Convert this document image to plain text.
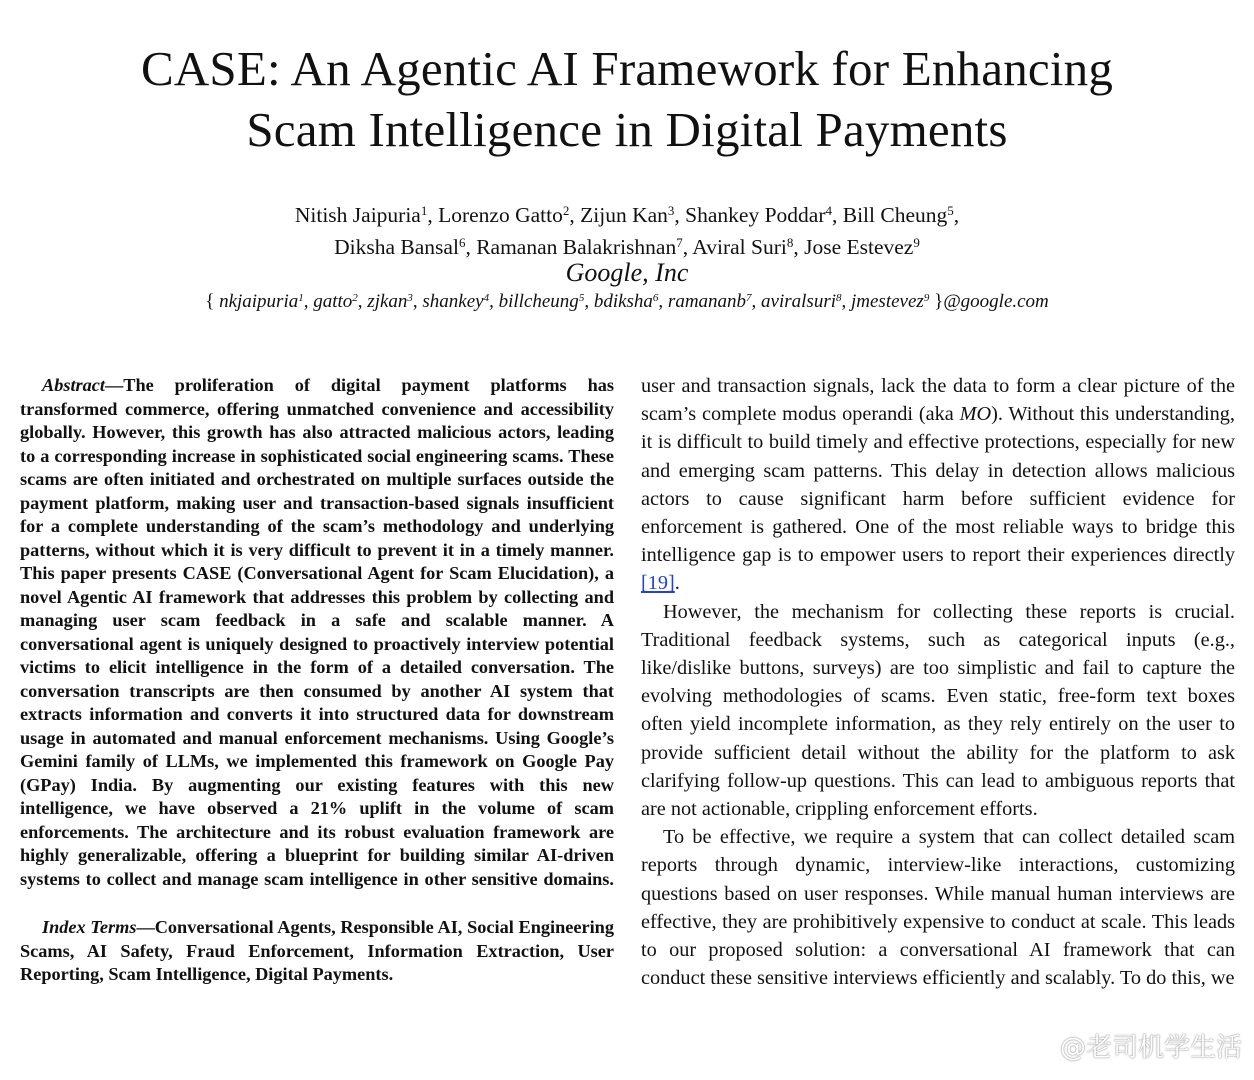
CASE: An Agentic AI Framework for Enhancing
Scam Intelligence in Digital Payments
Nitish Jaipuria$^1$, Lorenzo Gatto$^2$, Zijun Kan$^3$, Shankey Poddar$^4$, Bill Cheung$^5$,
Diksha Bansal$^6$, Ramanan Balakrishnan$^7$, Aviral Suri$^8$, Jose Estevez$^9$
Google, Inc
{ nkjaipuria$^1$, gatto$^2$, zjkan$^3$, shankey$^4$, billcheung$^5$, bdiksha$^6$, ramananb$^7$, aviralsuri$^8$, jmestevez$^9$ }@google.com

Abstract—The proliferation of digital payment platforms has transformed commerce, offering unmatched convenience and accessibility globally. However, this growth has also attracted malicious actors, leading to a corresponding increase in sophisticated social engineering scams. These scams are often initiated and orchestrated on multiple surfaces outside the payment platform, making user and transaction-based signals insufficient for a complete understanding of the scam’s methodology and underlying patterns, without which it is very difficult to prevent it in a timely manner. This paper presents CASE (Conversational Agent for Scam Elucidation), a novel Agentic AI framework that addresses this problem by collecting and managing user scam feedback in a safe and scalable manner. A conversational agent is uniquely designed to proactively interview potential victims to elicit intelligence in the form of a detailed conversation. The conversation transcripts are then consumed by another AI system that extracts information and converts it into structured data for downstream usage in automated and manual enforcement mechanisms. Using Google’s Gemini family of LLMs, we implemented this framework on Google Pay (GPay) India. By augmenting our existing features with this new intelligence, we have observed a 21% uplift in the volume of scam enforcements. The architecture and its robust evaluation framework are highly generalizable, offering a blueprint for building similar AI-driven systems to collect and manage scam intelligence in other sensitive domains.

Index Terms—Conversational Agents, Responsible AI, Social Engineering Scams, AI Safety, Fraud Enforcement, Information Extraction, User Reporting, Scam Intelligence, Digital Payments.

user and transaction signals, lack the data to form a clear picture of the scam’s complete modus operandi (aka MO). Without this understanding, it is difficult to build timely and effective protections, especially for new and emerging scam patterns. This delay in detection allows malicious actors to cause significant harm before sufficient evidence for enforcement is gathered. One of the most reliable ways to bridge this intelligence gap is to empower users to report their experiences directly [19].

However, the mechanism for collecting these reports is crucial. Traditional feedback systems, such as categorical inputs (e.g., like/dislike buttons, surveys) are too simplistic and fail to capture the evolving methodologies of scams. Even static, free-form text boxes often yield incomplete information, as they rely entirely on the user to provide sufficient detail without the ability for the platform to ask clarifying follow-up questions. This can lead to ambiguous reports that are not actionable, crippling enforcement efforts.

To be effective, we require a system that can collect detailed scam reports through dynamic, interview-like interactions, customizing questions based on user responses. While manual human interviews are effective, they are prohibitively expensive to conduct at scale. This leads to our proposed solution: a conversational AI framework that can conduct these sensitive interviews efficiently and scalably. To do this, we

@老司机学生活
